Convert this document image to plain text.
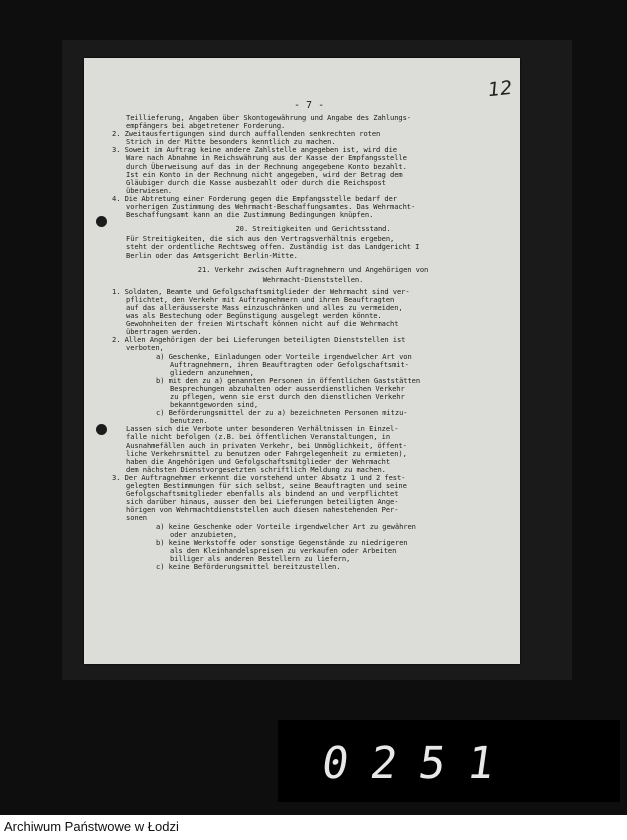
12
- 7 -
Teillieferung, Angaben über Skontogewährung und Angabe des Zahlungs-
empfängers bei abgetretener Forderung.
2. Zweitausfertigungen sind durch auffallenden senkrechten roten
Strich in der Mitte besonders kenntlich zu machen.
3. Soweit im Auftrag keine andere Zahlstelle angegeben ist, wird die
Ware nach Abnahme in Reichswährung aus der Kasse der Empfangsstelle
durch Überweisung auf das in der Rechnung angegebene Konto bezahlt.
Ist ein Konto in der Rechnung nicht angegeben, wird der Betrag dem
Gläubiger durch die Kasse ausbezahlt oder durch die Reichspost
überwiesen.
4. Die Abtretung einer Forderung gegen die Empfangsstelle bedarf der
vorherigen Zustimmung des Wehrmacht-Beschaffungsamtes. Das Wehrmacht-
Beschaffungsamt kann an die Zustimmung Bedingungen knüpfen.
20. Streitigkeiten und Gerichtsstand.
Für Streitigkeiten, die sich aus den Vertragsverhältnis ergeben,
steht der ordentliche Rechtsweg offen. Zuständig ist das Landgericht I
Berlin oder das Amtsgericht Berlin-Mitte.
21. Verkehr zwischen Auftragnehmern und Angehörigen von
Wehrmacht-Dienststellen.
1. Soldaten, Beamte und Gefolgschaftsmitglieder der Wehrmacht sind ver-
pflichtet, den Verkehr mit Auftragnehmern und ihren Beauftragten
auf das alleräusserste Mass einzuschränken und alles zu vermeiden,
was als Bestechung oder Begünstigung ausgelegt werden könnte.
Gewohnheiten der freien Wirtschaft können nicht auf die Wehrmacht
übertragen werden.
2. Allen Angehörigen der bei Lieferungen beteiligten Dienststellen ist
verboten,
a) Geschenke, Einladungen oder Vorteile irgendwelcher Art von
Auftragnehmern, ihren Beauftragten oder Gefolgschaftsmit-
gliedern anzunehmen,
b) mit den zu a) genannten Personen in öffentlichen Gaststätten
Besprechungen abzuhalten oder ausserdienstlichen Verkehr
zu pflegen, wenn sie erst durch den dienstlichen Verkehr
bekanntgeworden sind,
c) Beförderungsmittel der zu a) bezeichneten Personen mitzu-
benutzen.
Lassen sich die Verbote unter besonderen Verhältnissen in Einzel-
falle nicht befolgen (z.B. bei öffentlichen Veranstaltungen, in
Ausnahmefällen auch in privaten Verkehr, bei Unmöglichkeit, öffent-
liche Verkehrsmittel zu benutzen oder Fahrgelegenheit zu ermieten),
haben die Angehörigen und Gefolgschaftsmitglieder der Wehrmacht
dem nächsten Dienstvorgesetzten schriftlich Meldung zu machen.
3. Der Auftragnehmer erkennt die vorstehend unter Absatz 1 und 2 fest-
gelegten Bestimmungen für sich selbst, seine Beauftragten und seine
Gefolgschaftsmitglieder ebenfalls als bindend an und verpflichtet
sich darüber hinaus, ausser den bei Lieferungen beteiligten Ange-
hörigen von Wehrmachtdienststellen auch diesen nahestehenden Per-
sonen
a) keine Geschenke oder Vorteile irgendwelcher Art zu gewähren
oder anzubieten,
b) keine Werkstoffe oder sonstige Gegenstände zu niedrigeren
als den Kleinhandelspreisen zu verkaufen oder Arbeiten
billiger als anderen Bestellern zu liefern,
c) keine Beförderungsmittel bereitzustellen.
0251
Archiwum Państwowe w Łodzi
